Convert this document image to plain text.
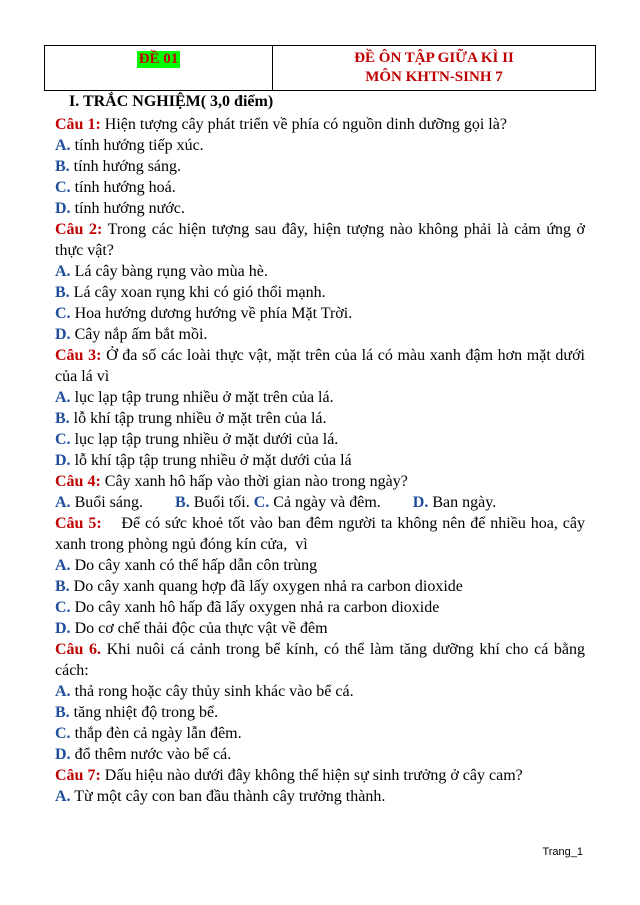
ĐỀ 01	ĐỀ ÔN TẬP GIỮA KÌ II
MÔN KHTN-SINH 7
I. TRẮC NGHIỆM( 3,0 điểm)
Câu 1: Hiện tượng cây phát triển về phía có nguồn dinh dưỡng gọi là?
A. tính hướng tiếp xúc.
B. tính hướng sáng.
C. tính hướng hoá.
D. tính hướng nước.
Câu 2: Trong các hiện tượng sau đây, hiện tượng nào không phải là cảm ứng ở thực vật?
A. Lá cây bàng rụng vào mùa hè.
B. Lá cây xoan rụng khi có gió thổi mạnh.
C. Hoa hướng dương hướng về phía Mặt Trời.
D. Cây nắp ấm bắt mồi.
Câu 3: Ở đa số các loài thực vật, mặt trên của lá có màu xanh đậm hơn mặt dưới của lá vì
A. lục lạp tập trung nhiều ở mặt trên của lá.
B. lỗ khí tập trung nhiều ở mặt trên của lá.
C. lục lạp tập trung nhiều ở mặt dưới của lá.
D. lỗ khí tập tập trung nhiều ở mặt dưới của lá
Câu 4: Cây xanh hô hấp vào thời gian nào trong ngày?
A. Buổi sáng. B. Buổi tối. C. Cả ngày và đêm. D. Ban ngày.
Câu 5:    Để có sức khoẻ tốt vào ban đêm người ta không nên để nhiều hoa, cây xanh trong phòng ngủ đóng kín cửa,  vì
A. Do cây xanh có thể hấp dẫn côn trùng
B. Do cây xanh quang hợp đã lấy oxygen nhả ra carbon dioxide
C. Do cây xanh hô hấp đã lấy oxygen nhả ra carbon dioxide
D. Do cơ chế thải độc của thực vật về đêm
Câu 6. Khi nuôi cá cảnh trong bể kính, có thể làm tăng dưỡng khí cho cá bằng cách:
A. thả rong hoặc cây thủy sinh khác vào bể cá.
B. tăng nhiệt độ trong bể.
C. thắp đèn cả ngày lẫn đêm.
D. đổ thêm nước vào bể cá.
Câu 7: Dấu hiệu nào dưới đây không thể hiện sự sinh trưởng ở cây cam?
A. Từ một cây con ban đầu thành cây trưởng thành.
Trang_1
